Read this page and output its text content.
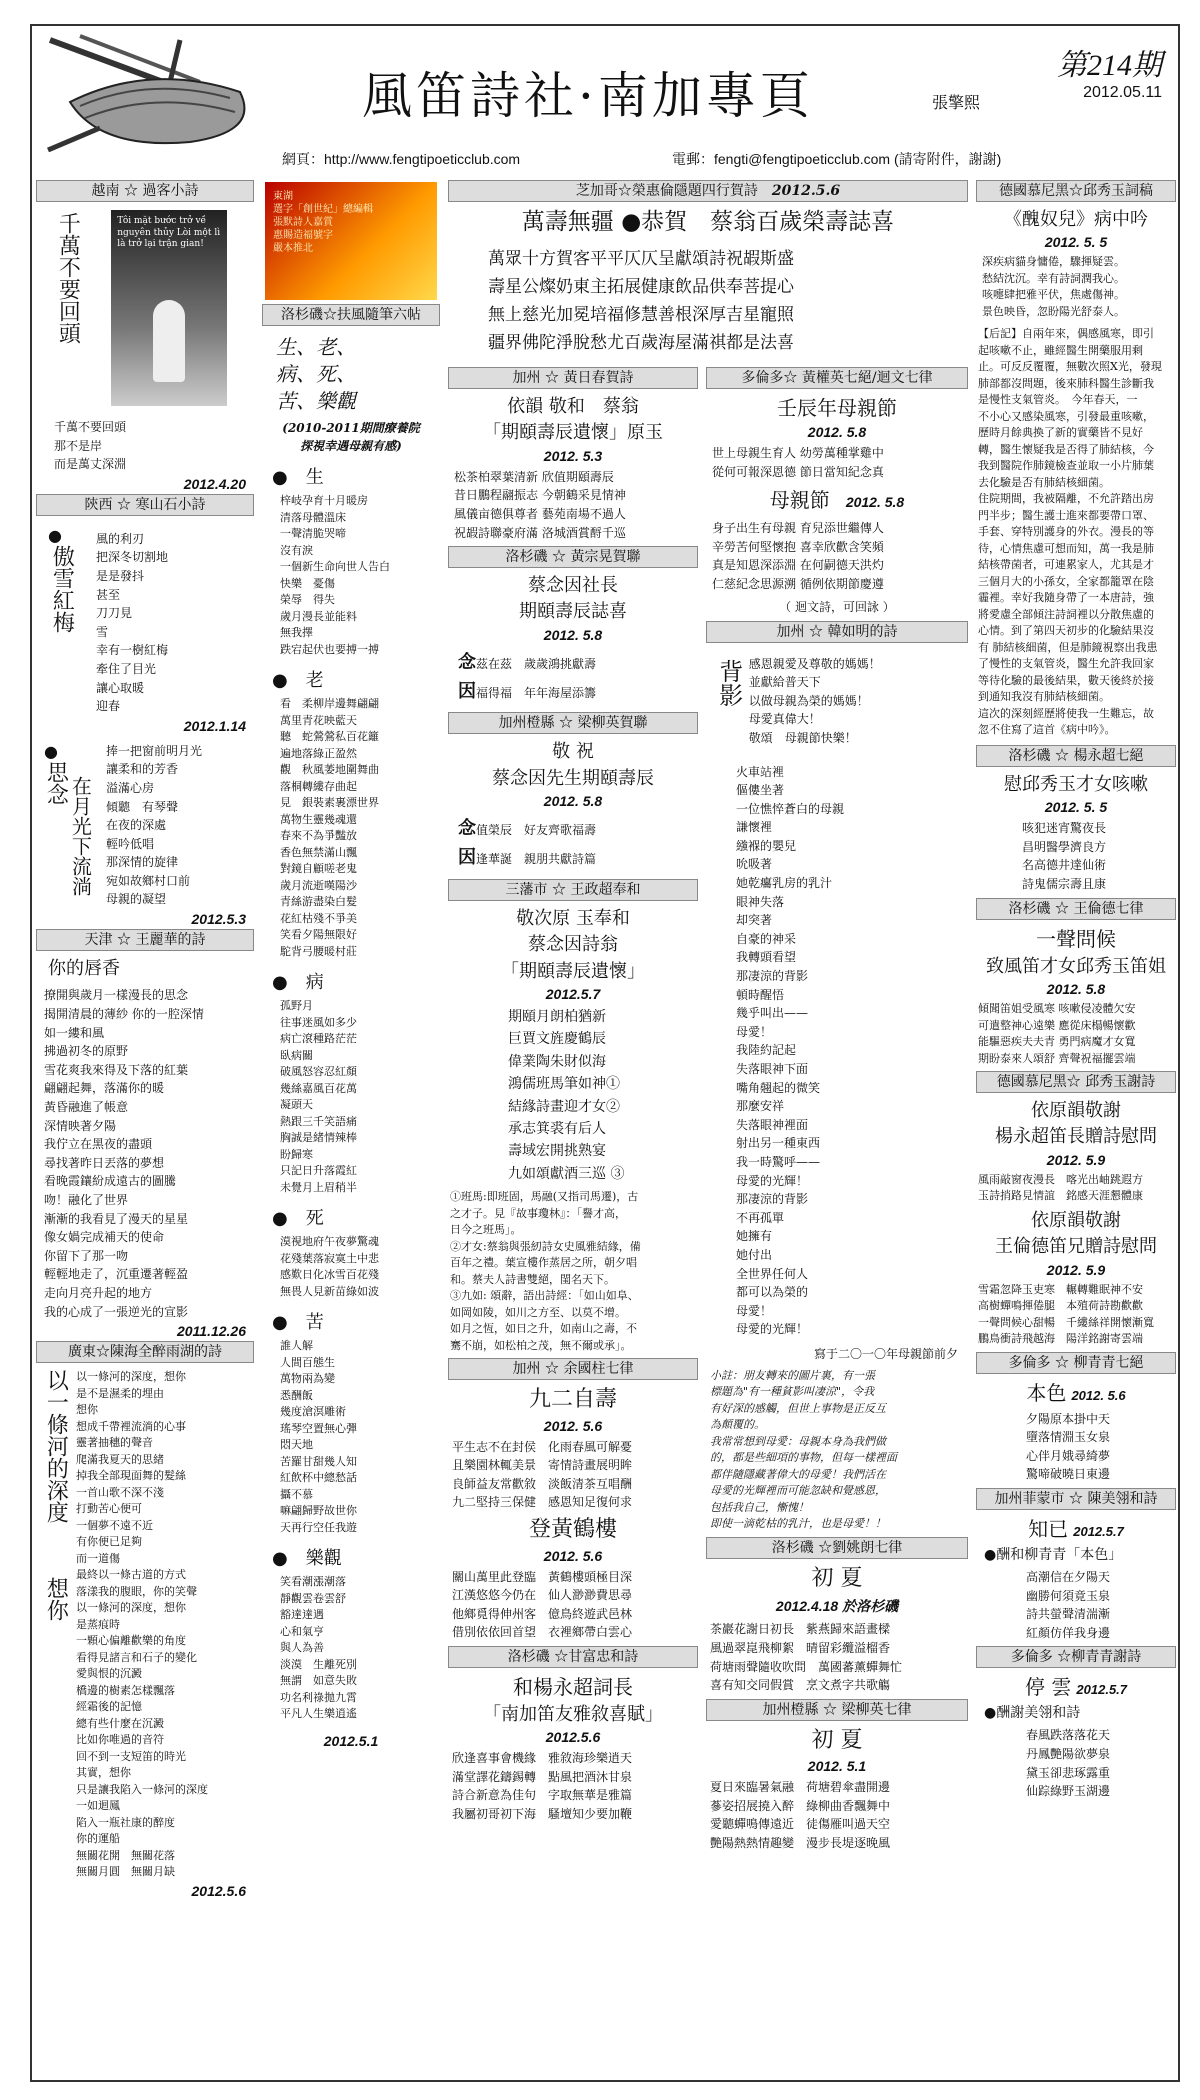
風笛詩社·南加專頁	張擎熙
第214期
2012.05.11
網頁：http://www.fengtipoeticclub.com	電郵：fengti@fengtipoeticclub.com (請寄附件，謝謝)
越南 ☆ 過客小詩
千萬不要回頭	Tôi mặt bước trở về nguyên thủy Lòi một lì là trở lại trận gian!
千萬不要回頭
那不是岸
而是萬丈深淵
2012.4.20
陝西 ☆ 寒山石小詩
●
傲雪紅梅
風的利刃
把深冬切割地
是是發抖
甚至
刀刀見
雪
幸有一樹紅梅
牽住了目光
讓心取暖
迎春
2012.1.14
●
思念 在月光下流淌
捧一把窗前明月光
讓柔和的芳香
溢滿心房
傾聽　有琴聲
在夜的深處
輕吟低唱
那深情的旋律
宛如故鄉村口前
母親的凝望
2012.5.3
天津 ☆ 王麗華的詩
你的唇香
撩開與歲月一樣漫長的思念
揭開清晨的薄紗 你的一腔深情
如一縷和風
拂過初冬的原野
雪花爽我來得及下落的紅葉
翩翩起舞，落滿你的暖
黃昏融進了帳意
深情映著夕陽
我佇立在黑夜的盡頭
尋找著昨日丟落的夢想
看晚霞鑲紛成遠古的圖騰
吻！融化了世界
漸漸的我看見了漫天的星星
像女媧完成補天的使命
你留下了那一吻
輕輕地走了，沉重遷著輕盈
走向月亮升起的地方
我的心成了一張逆光的宣影
2011.12.26
廣東☆陳海全醉雨湖的詩
以一條河的深度
想你
以一條河的深度，想你
是不是濕柔的埋由
想你
想成千帶裡流淌的心事
靈著抽穗的聲音
爬滿我夏天的思緒
掉我全部現面舞的髮絲
一首山歌不深不淺
打動苦心便可
一個夢不遠不近
有你便已足夠
而一道傷
最終以一條古道的方式
落漾我的腹眼，你的笑聲
以一條河的深度，想你
是蒸痕時
一顆心偏離歡樂的角度
看得見諸言和石子的變化
愛與恨的沉澱
橋邊的樹素怎樣飄落
經霜後的記憶
總有些什麼在沉澱
比如你唯過的音符
回不到一支短笛的時光
其實，想你
只是讓我陷入一條河的深度
一如迴鳳
陷入一瓶社康的醉度
你的運船
無關花開　無關花落
無關月圓　無關月缺
2012.5.6
東湖
選字「創世紀」總編輯
張默詩人嘉賞
惠賜造福號字
嚴本推北
洛杉磯☆扶風隨筆六帖
生、老、
病、死、
苦、樂觀
(2010-2011期間療養院
探視幸遇母親有感)
●　生
梓岐孕育十月暖房
清落母體溫床
一聲清脆哭啼
沒有淚
一個新生命向世人告白
快樂　憂傷
榮辱　得失
歲月漫長並能料
無我擇
跌宕起伏也要搏一搏
●　老
看　柔柳岸邊舞翩翩
萬里青花映藍天
聽　蛇鶯鶯私百花籬
遍地落綠正盈然
觀　秋風萎地圍舞曲
落桐轉縷存曲起
見　銀裝素裹漂世界
萬物生靈幾魂還
春來不為爭豔放
香色無禁滿山飄
對鏡自顧嗟老鬼
歲月流逝嘆陽沙
青絲游盡染白髮
花紅枯殘不爭美
笑看夕陽無限好
駝背弓腰暖村莊
●　病
孤野月
往事迷風如多少
病亡滾種路茫茫
臥病關
破風怒容忍紅顏
幾絲嘉風百花萬
凝頭天
熱跟三千笑語痛
胸誠是緒情辣棒
盼歸寒
只記日升落霞紅
未覺月上眉稍半
●　死
漠視地府午夜夢驚魂
花殘葉落寂寞土中悲
感歎日化冰雪百花殘
無畏人見新苗綠如波
●　苦
誰人解
人間百態生
萬物兩為變
悉酬飯
幾度滄溟雕術
瑤琴空置無心彈
悶天地
苦羅甘甜幾人知
紅飲杯中總愁話
攝不慕
嘛翩歸野故世你
天再行空任我遊
●　樂觀
笑看潮漲潮落
靜觀雲卷雲舒
豁達達遇
心和氣亨
與人為善
淡漠　生離死別
無謂　如意失敗
功名利祿拋九霄
平凡人生樂逍遙
2012.5.1
芝加哥☆榮惠倫隱題四行賀詩　 2012.5.6
萬壽無疆 ●恭賀　蔡翁百歲榮壽誌喜
萬眾十方賀客平平仄仄呈獻頌詩祝嘏斯盛
壽星公燦奶東主拓展健康飲品供奉菩提心
無上慈光加冕培福修慧善根深厚吉星寵照
疆界佛陀淨脫愁尤百歲海屋滿祺都是法喜
加州 ☆ 黃日春賀詩
依韻 敬和　蔡翁
「期頤壽辰遺懷」原玉
2012. 5.3
松茶柏翠葉清新 欣值期頤壽辰
昔日鵬程翮振志 今朝鶴采見情神
風儀亩德俱尊者 藝苑南場不過人
祝嘏詩聯豪府滿 洛城酒賞酹千巡
洛杉磯 ☆ 黃宗晃賀聯
蔡念因社長
期頤壽辰誌喜
2012. 5.8
念茲在茲　歲歲鴻挑獻壽
因福得福　年年海屋添籌
加州橙縣 ☆ 梁柳英賀聯
敬 祝
蔡念因先生期頤壽辰
2012. 5.8
念值榮辰　好友齊歌福壽
因逢華誕　親朋共獻詩篇
三藩市 ☆ 王政超奉和
敬次原 玉奉和
蔡念因詩翁
「期頤壽辰遺懷」
2012.5.7
期頤月朗柏猶新
巨賈文旌慶鶴辰
偉業陶朱財似海
鴻儒班馬筆如神①
結緣詩畫迎才女②
承志箕裘有后人
壽域宏開挑熟宴
九如頌獻酒三巡 ③
①班馬:即班固，馬融(又指司馬遷)，古
之才子。見『故事瓊林』：「譽才高，
日今之班馬」。
②才女:蔡翁與張紉詩女史風雅結緣，備
百年之禮。葉宣樓作蒸居之所，朝夕唱
和。蔡夫人詩書雙絕，閨名天下。
③九如: 頌辭，語出詩經：「如山如阜、
如岡如陵，如川之方至、以莫不增。
如月之恆，如日之升，如南山之壽，不
騫不崩，如松柏之茂，無不爾或承」。
加州 ☆ 余國柱七律
九二自壽
2012. 5.6
平生志不在封侯　化雨春風可解憂
且樂園林輒美景　寄情詩畫展明眸
良師益友常歡敘　淡飯清茶互唱酬
九二堅持三保健　感恩知足復何求
登黃鶴樓
2012. 5.6
關山萬里此登臨　黃鶴樓頭極目深
江漢悠悠今仍在　仙人渺渺費思尋
他鄉覓得伸州客　億鳥終遊武邑林
借別依依回首望　衣裡鄉帶白雲心
洛杉磯 ☆甘富忠和詩
和楊永超詞長
「南加笛友雅敘喜賦」
2012.5.6
欣逢喜事會機緣　雅敘海珍樂逍天
滿堂譯花鑄錫轉　點風把酒沐甘泉
詩合新意為佳句　字取無華是雅篇
我屬初哥初下海　騷壇知少要加鞭
多倫多☆ 黃權英七絕/迴文七律
壬辰年母親節
2012. 5.8
世上母親生育人 幼勞萬種掌雞中
從何可報深恩德 節日當知紀念真
母親節　 2012. 5.8
身子出生有母親 育兒添世繼傳人
辛勞苦何堅懷抱 喜幸欣歡含笑頻
真是知恩深添淵 在何嗣德天洪灼
仁慈紀念思源溯 循例依期節慶遵
（ 迴文詩，可回詠 ）
加州 ☆ 韓如明的詩
背影 感恩親愛及尊敬的媽媽！
並獻給普天下
以做母親為榮的媽媽！
母愛真偉大！
敬頌　母親節快樂！
火車站裡
傴僂坐著
一位憔悴蒼白的母親
謙懷裡
繈褓的嬰兒
吮吸著
她乾癟乳房的乳汁
眼神失落
却突著
自豪的神采
我轉頭看望
那凄涼的背影
頓時醒悟
幾乎叫出——
母愛！
我陸約記起
失落眼神下面
嘴角翹起的微笑
那麼安祥
失落眼神裡面
射出另一種東西
我一時驚呼——
母愛的光輝！
那凄涼的背影
不再孤單
她擁有
她付出
全世界任何人
都可以為榮的
母愛！
母愛的光輝！
寫于二〇一〇年母親節前夕
小註：朋友轉來的圖片裏，有一張
標題為"有一種貧影叫凄涼"，令我
有好深的感觸，但世上事物是正反互
為顛覆的。
我常常想到母愛：母親本身為我們做
的，都是些細項的事物，但每一樣裡面
都伴隨隱藏著偉大的母愛！我們活在
母愛的光輝裡而可能忽缺和覺感恩，
包括我自己，慚愧！
即使一滴乾枯的乳汁，也是母愛！！
洛杉磯 ☆劉姚朗七律
初 夏
2012.4.18 於洛杉磯
茶巖花謝日初長　紫燕歸來語畫樑
風過翠崑飛柳絮　晴留彩纜溢榴香
荷塘雨聲隨收吹問　萬國蕃薰蟬舞忙
喜有知交同假賞　烹文煮字共歌觴
加州橙縣 ☆ 梁柳英七律
初 夏
2012. 5.1
夏日來臨暑氣融　荷塘碧傘盡開邊
蔘姿招展撓入醉　綠柳曲香飄舞中
愛聽蟬鳴傳遠近　徒傷雁叫過天空
艷陽熱熱情趣變　漫步長堤逐晚風
德國慕尼黑☆邱秀玉詞稿
《醜奴兒》病中吟
2012. 5. 5
深疾病貓身慵倦，驟揮疑雲。
愁結沈沉。幸有詩詞潤我心。
咳嚏肆把雅平伏，焦處傷神。
景色映昏，忽盼陽光舒泰人。
【后記】自兩年來，偶感風寒，即引
起咳嗽不止，雖經醫生開藥服用剩
止。可反反覆覆，無數次照X光，發現
肺部都沒問題，後來肺科醫生診斷我
是慢性支氣管炎。　今年春天，一
不小心又感染風寒，引發最重咳嗽，
歷時月餘典換了新的實藥皆不見好
轉，醫生懷疑我是否得了肺結核，今
我到醫院作肺鏡檢查並取一小片肺葉
去化驗是否有肺結核細菌。
住院期間，我被隔離，不允許踏出房
門半步；醫生護士進來都要帶口罩、
手套、穿特別護身的外衣。漫長的等
待，心情焦慮可想而知，萬一我是肺
結核帶菌者，可連累家人，尤其是才
三個月大的小孫女，全家都籠罩在陰
霾裡。幸好我隨身帶了一本唐詩，強
將愛慮全部傾注詩詞裡以分散焦慮的
心情。到了第四天初步的化驗結果沒
有 肺結核細菌，但是肺鏡視察出我患
了慢性的支氣管炎，醫生允許我回家
等待化驗的最後結果，數天後終於接
到通知我沒有肺結核細菌。
這次的深刻經歷將使我一生難忘，故
忽不住寫了這首《病中吟》。
洛杉磯 ☆ 楊永超七絕
慰邱秀玉才女咳嗽
2012. 5. 5
咳犯迷宵驚夜長
昌明醫學濟良方
名高德井達仙術
詩鬼儒宗壽且康
洛杉磯 ☆ 王倫德七律
一聲問候
致風笛才女邱秀玉笛姐
2012. 5.8
傾聞笛姐受風寒 咳嗽侵凌體欠安
可遣整神心遠樂 應從床榻暢懷歡
能驅惡疾夫夫青 勇門病魔才女寬
期盼泰來人頌舒 齊聲祝福擺雲端
德國慕尼黑☆ 邱秀玉謝詩
依原韻敬謝
楊永超笛長贈詩慰問
2012. 5.9
風雨敲窗夜漫長　喀光出岫跳遐方
玉詩捎路見情誼　銘感天涯懇體康
依原韻敬謝
王倫德笛兄贈詩慰問
2012. 5.9
雪霜忽降玉吏寒　輾轉難眠神不安
高樹蟬鳴揮倦腿　本殖荷詩勘歡歡
一聲問候心甜暢　千縷絲祥開懷漸寬
鵬鳥衝詩飛越海　陽洋銘謝寄雲端
多倫多 ☆ 柳青青七絕
本色 2012. 5.6
夕陽原本掛中天
墮落情淵玉女泉
心伴月娥尋綺夢
驚啼破曉日東邊
加州菲蒙市 ☆ 陳美翎和詩
知已 2012.5.7
●酬和柳青青「本色」
高潮信在夕陽天
幽勝何須竟玉泉
詩共螢聲清湍漸
紅顏仿佯我身邊
多倫多 ☆柳青青謝詩
停 雲 2012.5.7
●酬謝美翎和詩
春風跌落落花天
丹鳳艷陽欲夢泉
黛玉卻悲琢露重
仙踪綠野玉湖邊
